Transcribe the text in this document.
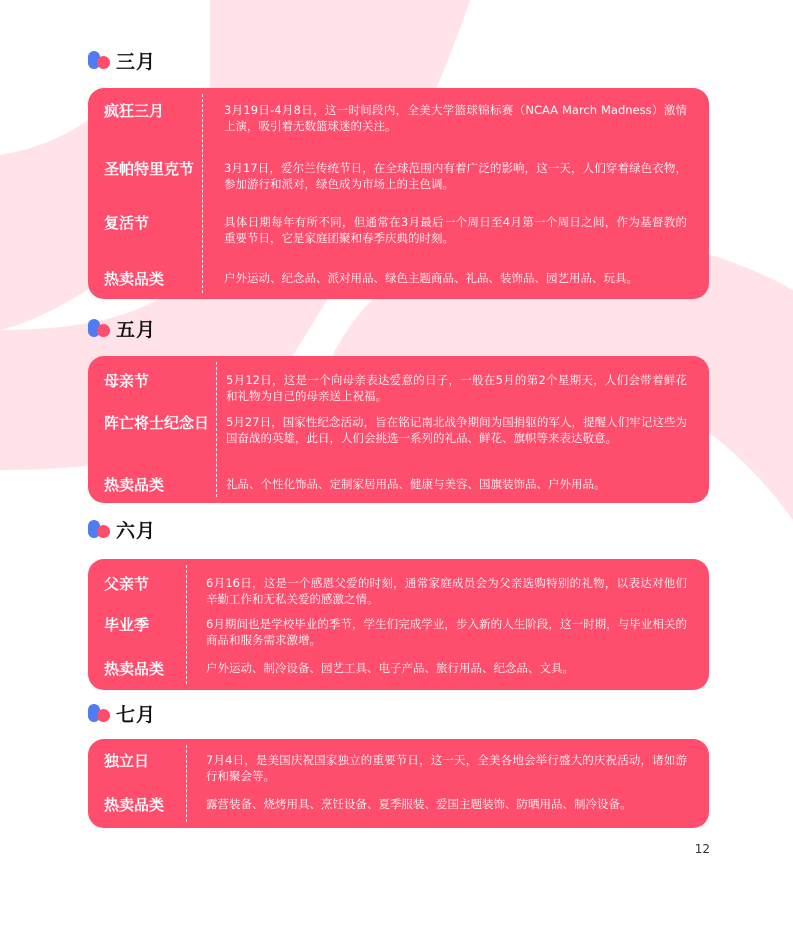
三月
疯狂三月	3月19日-4月8日，这一时间段内，全美大学篮球锦标赛（NCAA March Madness）激情上演，吸引着无数篮球迷的关注。
圣帕特里克节	3月17日，爱尔兰传统节日，在全球范围内有着广泛的影响，这一天，人们穿着绿色衣物，参加游行和派对，绿色成为市场上的主色调。
复活节	具体日期每年有所不同，但通常在3月最后一个周日至4月第一个周日之间，作为基督教的重要节日，它是家庭团聚和春季庆典的时刻。
热卖品类	户外运动、纪念品、派对用品、绿色主题商品、礼品、装饰品、园艺用品、玩具。
五月
母亲节	5月12日，这是一个向母亲表达爱意的日子，一般在5月的第2个星期天，人们会带着鲜花和礼物为自己的母亲送上祝福。
阵亡将士纪念日 5月27日，国家性纪念活动，旨在铭记南北战争期间为国捐躯的军人，提醒人们牢记这些为国奋战的英雄，此日，人们会挑选一系列的礼品、鲜花、旗帜等来表达敬意。
热卖品类	礼品、个性化饰品、定制家居用品、健康与美容、国旗装饰品、户外用品。
六月
父亲节	6月16日，这是一个感恩父爱的时刻，通常家庭成员会为父亲选购特别的礼物，以表达对他们辛勤工作和无私关爱的感激之情。
毕业季	6月期间也是学校毕业的季节，学生们完成学业，步入新的人生阶段，这一时期，与毕业相关的商品和服务需求激增。
热卖品类	户外运动、制冷设备、园艺工具、电子产品、旅行用品、纪念品、文具。
七月
独立日	7月4日，是美国庆祝国家独立的重要节日，这一天，全美各地会举行盛大的庆祝活动，诸如游行和聚会等。
热卖品类	露营装备、烧烤用具、烹饪设备、夏季服装、爱国主题装饰、防晒用品、制冷设备。
12
